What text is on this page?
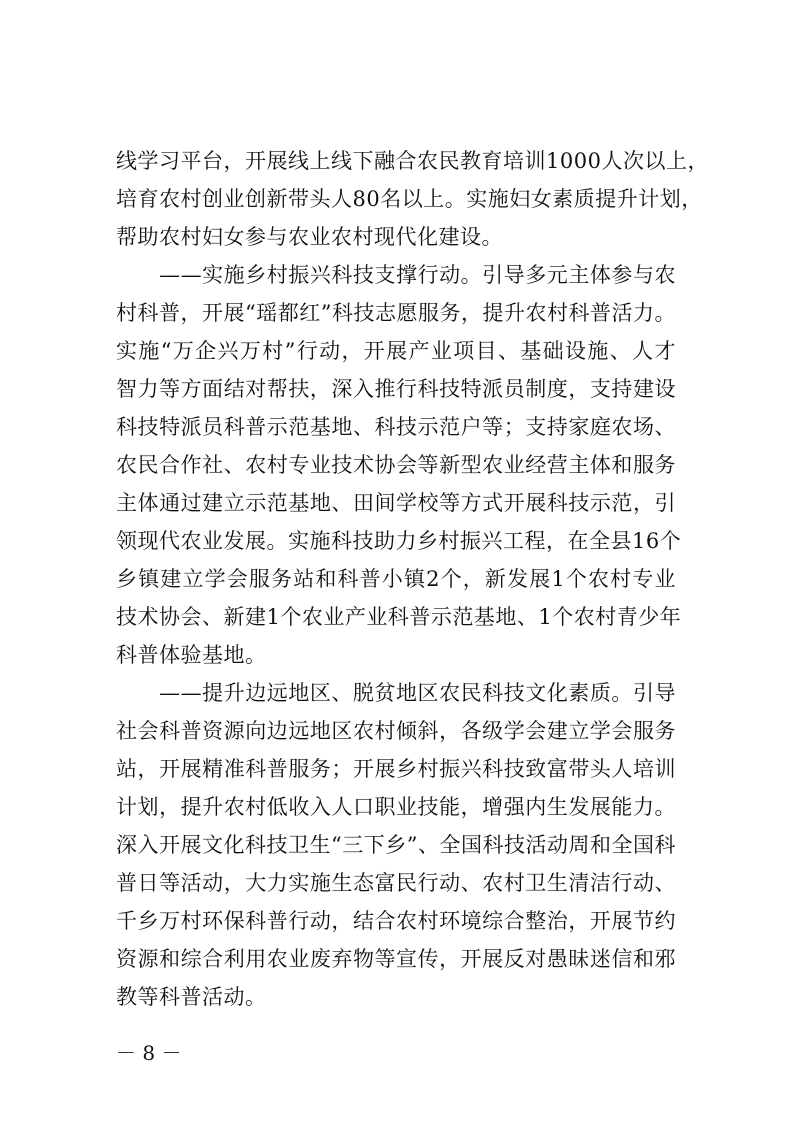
线学习平台，开展线上线下融合农民教育培训1000人次以上，
培育农村创业创新带头人80名以上。实施妇女素质提升计划，
帮助农村妇女参与农业农村现代化建设。
　　——实施乡村振兴科技支撑行动。引导多元主体参与农
村科普，开展“瑶都红”科技志愿服务，提升农村科普活力。
实施“万企兴万村”行动，开展产业项目、基础设施、人才
智力等方面结对帮扶，深入推行科技特派员制度，支持建设
科技特派员科普示范基地、科技示范户等；支持家庭农场、
农民合作社、农村专业技术协会等新型农业经营主体和服务
主体通过建立示范基地、田间学校等方式开展科技示范，引
领现代农业发展。实施科技助力乡村振兴工程，在全县16个
乡镇建立学会服务站和科普小镇2个，新发展1个农村专业
技术协会、新建1个农业产业科普示范基地、1个农村青少年
科普体验基地。
　　——提升边远地区、脱贫地区农民科技文化素质。引导
社会科普资源向边远地区农村倾斜，各级学会建立学会服务
站，开展精准科普服务；开展乡村振兴科技致富带头人培训
计划，提升农村低收入人口职业技能，增强内生发展能力。
深入开展文化科技卫生“三下乡”、全国科技活动周和全国科
普日等活动，大力实施生态富民行动、农村卫生清洁行动、
千乡万村环保科普行动，结合农村环境综合整治，开展节约
资源和综合利用农业废弃物等宣传，开展反对愚昧迷信和邪
教等科普活动。
－ 8 －
